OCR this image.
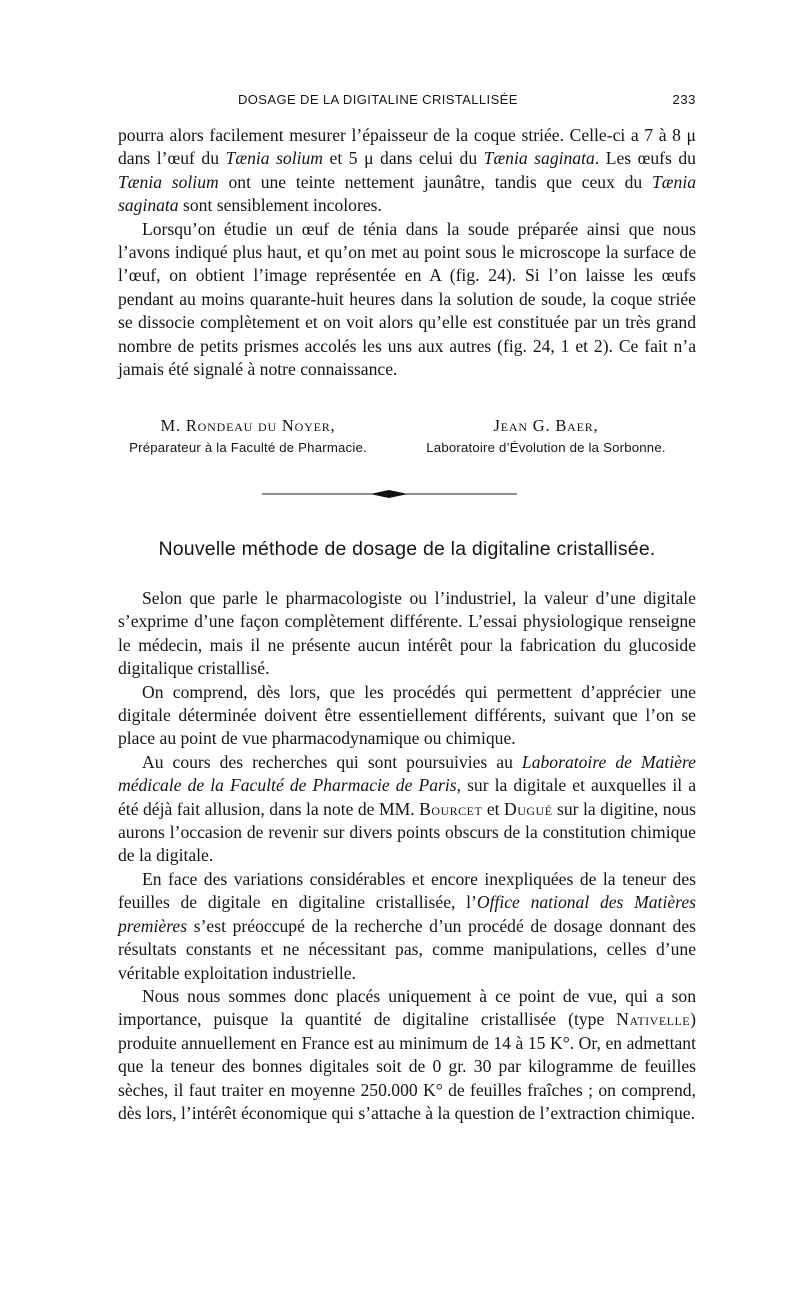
DOSAGE DE LA DIGITALINE CRISTALLISÉE	233

pourra alors facilement mesurer l’épaisseur de la coque striée. Celle-ci a 7 à 8 μ dans l’œuf du Tænia solium et 5 μ dans celui du Tænia saginata. Les œufs du Tænia solium ont une teinte nettement jaunâtre, tandis que ceux du Tænia saginata sont sensiblement incolores.

Lorsqu’on étudie un œuf de ténia dans la soude préparée ainsi que nous l’avons indiqué plus haut, et qu’on met au point sous le microscope la surface de l’œuf, on obtient l’image représentée en A (fig. 24). Si l’on laisse les œufs pendant au moins quarante-huit heures dans la solution de soude, la coque striée se dissocie complètement et on voit alors qu’elle est constituée par un très grand nombre de petits prismes accolés les uns aux autres (fig. 24, 1 et 2). Ce fait n’a jamais été signalé à notre connaissance.

M. Rondeau du Noyer,
Préparateur à la Faculté de Pharmacie.
Jean G. Baer,
Laboratoire d’Évolution de la Sorbonne.
Nouvelle méthode de dosage de la digitaline cristallisée.

Selon que parle le pharmacologiste ou l’industriel, la valeur d’une digitale s’exprime d’une façon complètement différente. L’essai physiologique renseigne le médecin, mais il ne présente aucun intérêt pour la fabrication du glucoside digitalique cristallisé.

On comprend, dès lors, que les procédés qui permettent d’apprécier une digitale déterminée doivent être essentiellement différents, suivant que l’on se place au point de vue pharmacodynamique ou chimique.

Au cours des recherches qui sont poursuivies au Laboratoire de Matière médicale de la Faculté de Pharmacie de Paris, sur la digitale et auxquelles il a été déjà fait allusion, dans la note de MM. Bourcet et Dugué sur la digitine, nous aurons l’occasion de revenir sur divers points obscurs de la constitution chimique de la digitale.

En face des variations considérables et encore inexpliquées de la teneur des feuilles de digitale en digitaline cristallisée, l’Office national des Matières premières s’est préoccupé de la recherche d’un procédé de dosage donnant des résultats constants et ne nécessitant pas, comme manipulations, celles d’une véritable exploitation industrielle.

Nous nous sommes donc placés uniquement à ce point de vue, qui a son importance, puisque la quantité de digitaline cristallisée (type Nativelle) produite annuellement en France est au minimum de 14 à 15 K°. Or, en admettant que la teneur des bonnes digitales soit de 0 gr. 30 par kilogramme de feuilles sèches, il faut traiter en moyenne 250.000 K° de feuilles fraîches ; on comprend, dès lors, l’intérêt économique qui s’attache à la question de l’extraction chimique.
